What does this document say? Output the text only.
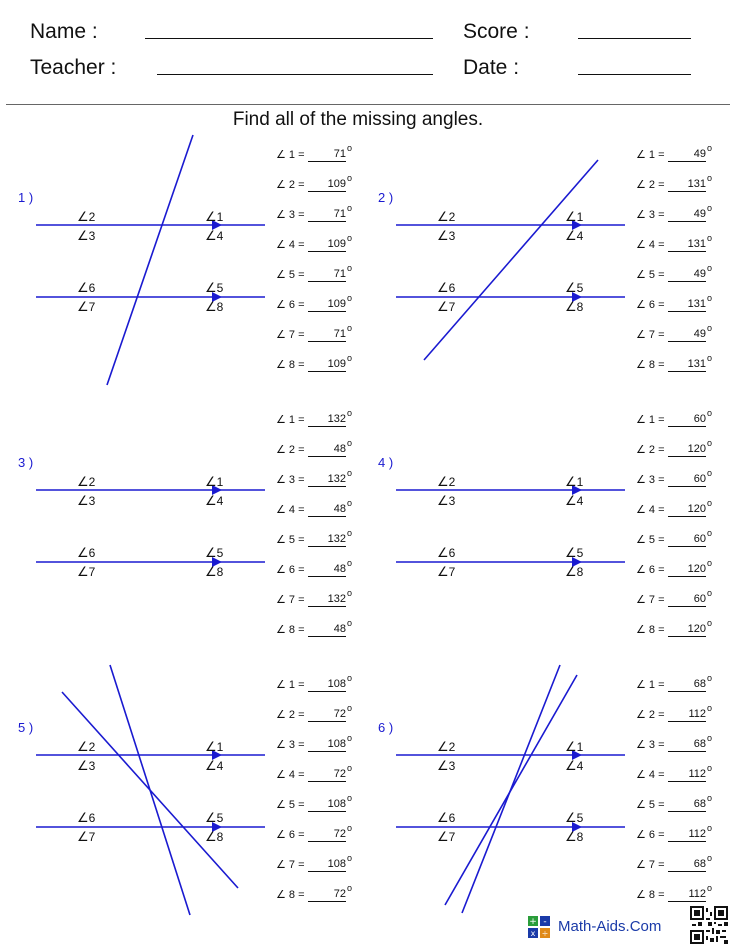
Name :
Teacher :
Score :
Date :
Find all of the missing angles.
1 )
∠1
∠2
∠3	∠4
∠5
∠6
∠7	∠8
∠ 1 =	71 o
∠ 2 =	109 o
∠ 3 =	71 o
∠ 4 =	109 o
∠ 5 =	71 o
∠ 6 =	109 o
∠ 7 =	71 o
∠ 8 =	109 o
2 )
∠1
∠2
∠3	∠4
∠5
∠6
∠7	∠8
∠ 1 =	49 o
∠ 2 =	131 o
∠ 3 =	49 o
∠ 4 =	131 o
∠ 5 =	49 o
∠ 6 =	131 o
∠ 7 =	49 o
∠ 8 =	131 o
3 )
∠1
∠2
∠3	∠4
∠5
∠6
∠7	∠8
∠ 1 =	132 o
∠ 2 =	48 o
∠ 3 =	132 o
∠ 4 =	48 o
∠ 5 =	132 o
∠ 6 =	48 o
∠ 7 =	132 o
∠ 8 =	48 o
4 )
∠1
∠2
∠3	∠4
∠5
∠6
∠7	∠8
∠ 1 =	60 o
∠ 2 =	120 o
∠ 3 =	60 o
∠ 4 =	120 o
∠ 5 =	60 o
∠ 6 =	120 o
∠ 7 =	60 o
∠ 8 =	120 o
5 )
∠1
∠2
∠3	∠4
∠5
∠6
∠7	∠8
∠ 1 =	108 o
∠ 2 =	72 o
∠ 3 =	108 o
∠ 4 =	72 o
∠ 5 =	108 o
∠ 6 =	72 o
∠ 7 =	108 o
∠ 8 =	72 o
6 )
∠1
∠2
∠3	∠4
∠5
∠6
∠7	∠8
∠ 1 =	68 o
∠ 2 =	112 o
∠ 3 =	68 o
∠ 4 =	112 o
∠ 5 =	68 o
∠ 6 =	112 o
∠ 7 =	68 o
∠ 8 =	112 o
+ -
x ÷ Math-Aids.Com
